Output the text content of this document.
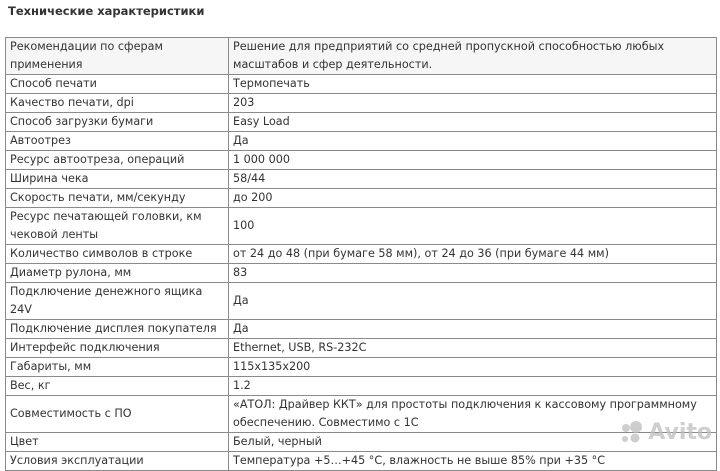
Технические характеристики
Рекомендации по сферам применения	Решение для предприятий со средней пропускной способностью любых масштабов и сфер деятельности.
Способ печати	Термопечать
Качество печати, dpi	203
Способ загрузки бумаги	Easy Load
Автоотрез	Да
Ресурс автоотреза, операций	1 000 000
Ширина чека	58/44
Скорость печати, мм/секунду	до 200
Ресурс печатающей головки, км чековой ленты	100
Количество символов в строке	от 24 до 48 (при бумаге 58 мм), от 24 до 36 (при бумаге 44 мм)
Диаметр рулона, мм	83
Подключение денежного ящика 24V	Да
Подключение дисплея покупателя	Да
Интерфейс подключения	Ethernet, USB, RS-232C
Габариты, мм	115x135x200
Вес, кг	1.2
Совместимость с ПО	«АТОЛ: Драйвер ККТ» для простоты подключения к кассовому программному обеспечению. Совместимо с 1С
Цвет	Белый, черный
Условия эксплуатации	Температура +5…+45 °С, влажность не выше 85% при +35 °С
Avito
